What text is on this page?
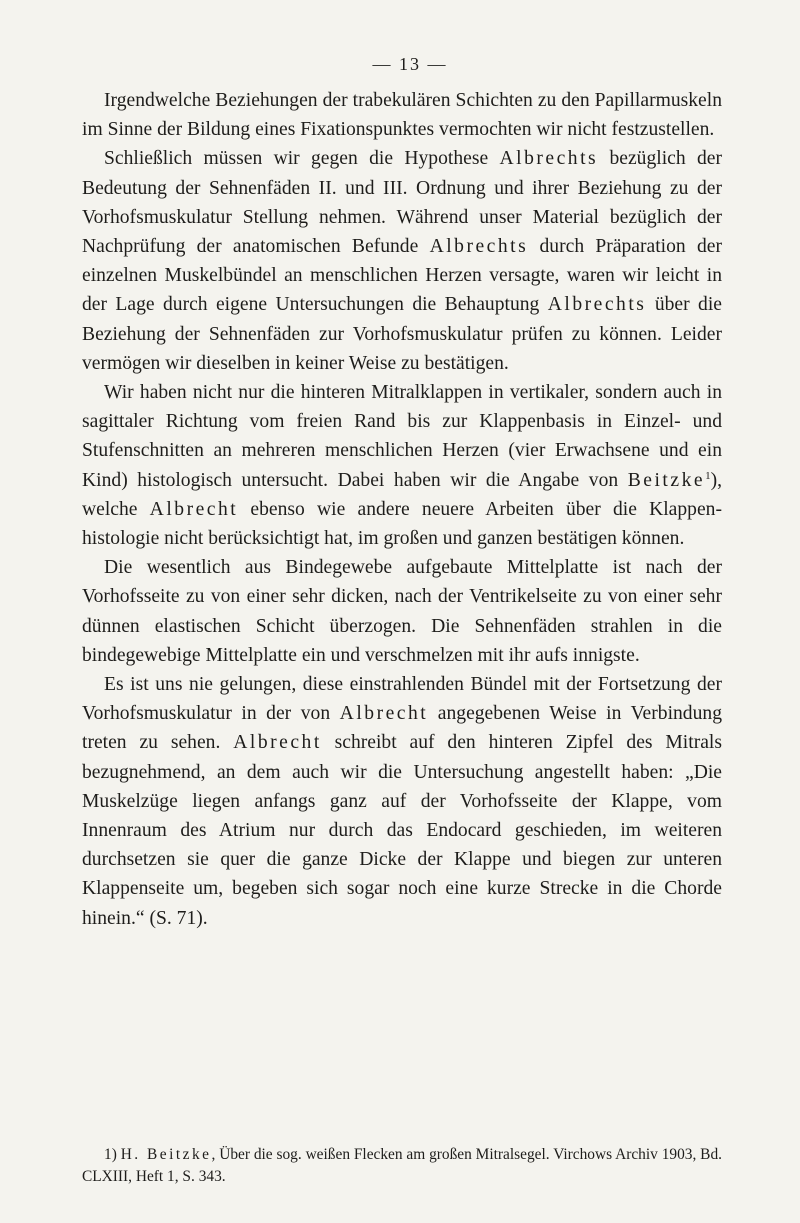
— 13 —

Irgendwelche Beziehungen der trabekulären Schichten zu den Papillarmuskeln im Sinne der Bildung eines Fixationspunktes vermochten wir nicht festzustellen.

Schließlich müssen wir gegen die Hypothese Albrechts bezüglich der Bedeutung der Sehnenfäden II. und III. Ordnung und ihrer Beziehung zu der Vorhofsmuskulatur Stellung nehmen. Während unser Material bezüglich der Nachprüfung der anatomischen Befunde Albrechts durch Präparation der einzelnen Muskelbündel an menschlichen Herzen versagte, waren wir leicht in der Lage durch eigene Untersuchungen die Behauptung Albrechts über die Beziehung der Sehnenfäden zur Vorhofsmuskulatur prüfen zu können. Leider vermögen wir dieselben in keiner Weise zu bestätigen.

Wir haben nicht nur die hinteren Mitralklappen in vertikaler, sondern auch in sagittaler Richtung vom freien Rand bis zur Klappenbasis in Einzel- und Stufenschnitten an mehreren menschlichen Herzen (vier Erwachsene und ein Kind) histologisch untersucht. Dabei haben wir die Angabe von Beitzke$^1$), welche Albrecht ebenso wie andere neuere Arbeiten über die Klappenhistologie nicht berücksichtigt hat, im großen und ganzen bestätigen können.

Die wesentlich aus Bindegewebe aufgebaute Mittelplatte ist nach der Vorhofsseite zu von einer sehr dicken, nach der Ventrikelseite zu von einer sehr dünnen elastischen Schicht überzogen. Die Sehnenfäden strahlen in die bindegewebige Mittelplatte ein und verschmelzen mit ihr aufs innigste.

Es ist uns nie gelungen, diese einstrahlenden Bündel mit der Fortsetzung der Vorhofsmuskulatur in der von Albrecht angegebenen Weise in Verbindung treten zu sehen. Albrecht schreibt auf den hinteren Zipfel des Mitrals bezugnehmend, an dem auch wir die Untersuchung angestellt haben: „Die Muskelzüge liegen anfangs ganz auf der Vorhofsseite der Klappe, vom Innenraum des Atrium nur durch das Endocard geschieden, im weiteren durchsetzen sie quer die ganze Dicke der Klappe und biegen zur unteren Klappenseite um, begeben sich sogar noch eine kurze Strecke in die Chorde hinein.“ (S. 71).

1) H. Beitzke, Über die sog. weißen Flecken am großen Mitralsegel. Virchows Archiv 1903, Bd. CLXIII, Heft 1, S. 343.
